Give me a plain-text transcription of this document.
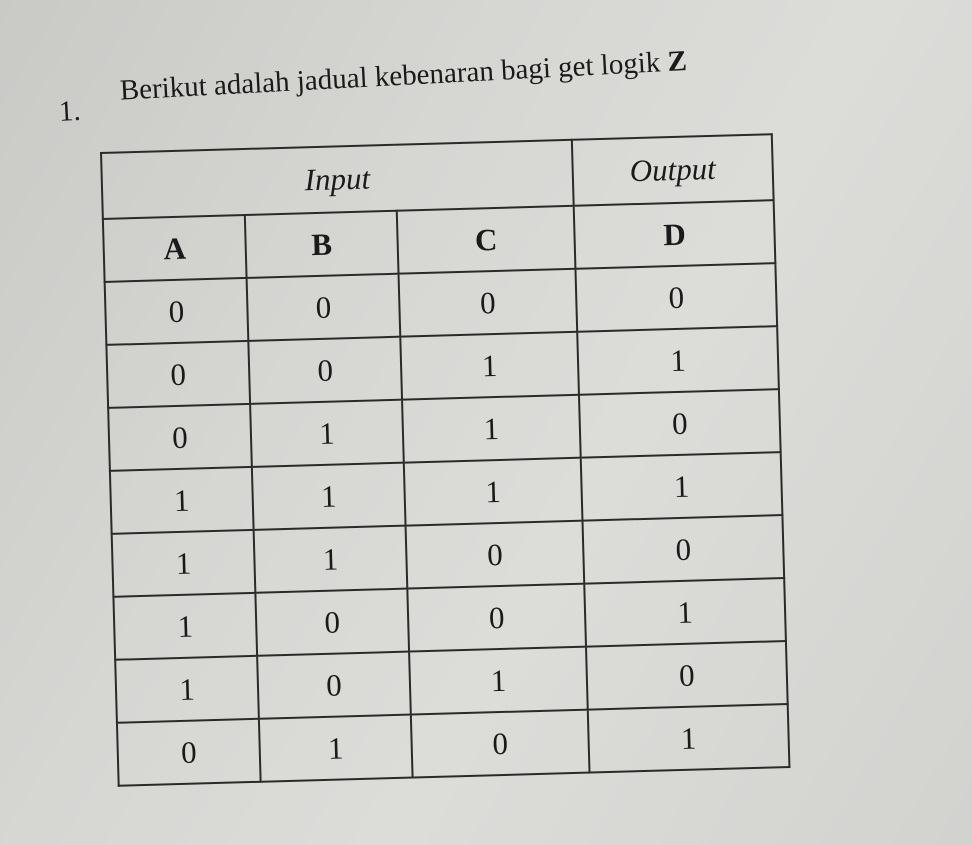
1.
Berikut adalah jadual kebenaran bagi get logik Z
Input			Output
A	B	C	D
0	0	0	0
0	0	1	1
0	1	1	0
1	1	1	1
1	1	0	0
1	0	0	1
1	0	1	0
0	1	0	1
